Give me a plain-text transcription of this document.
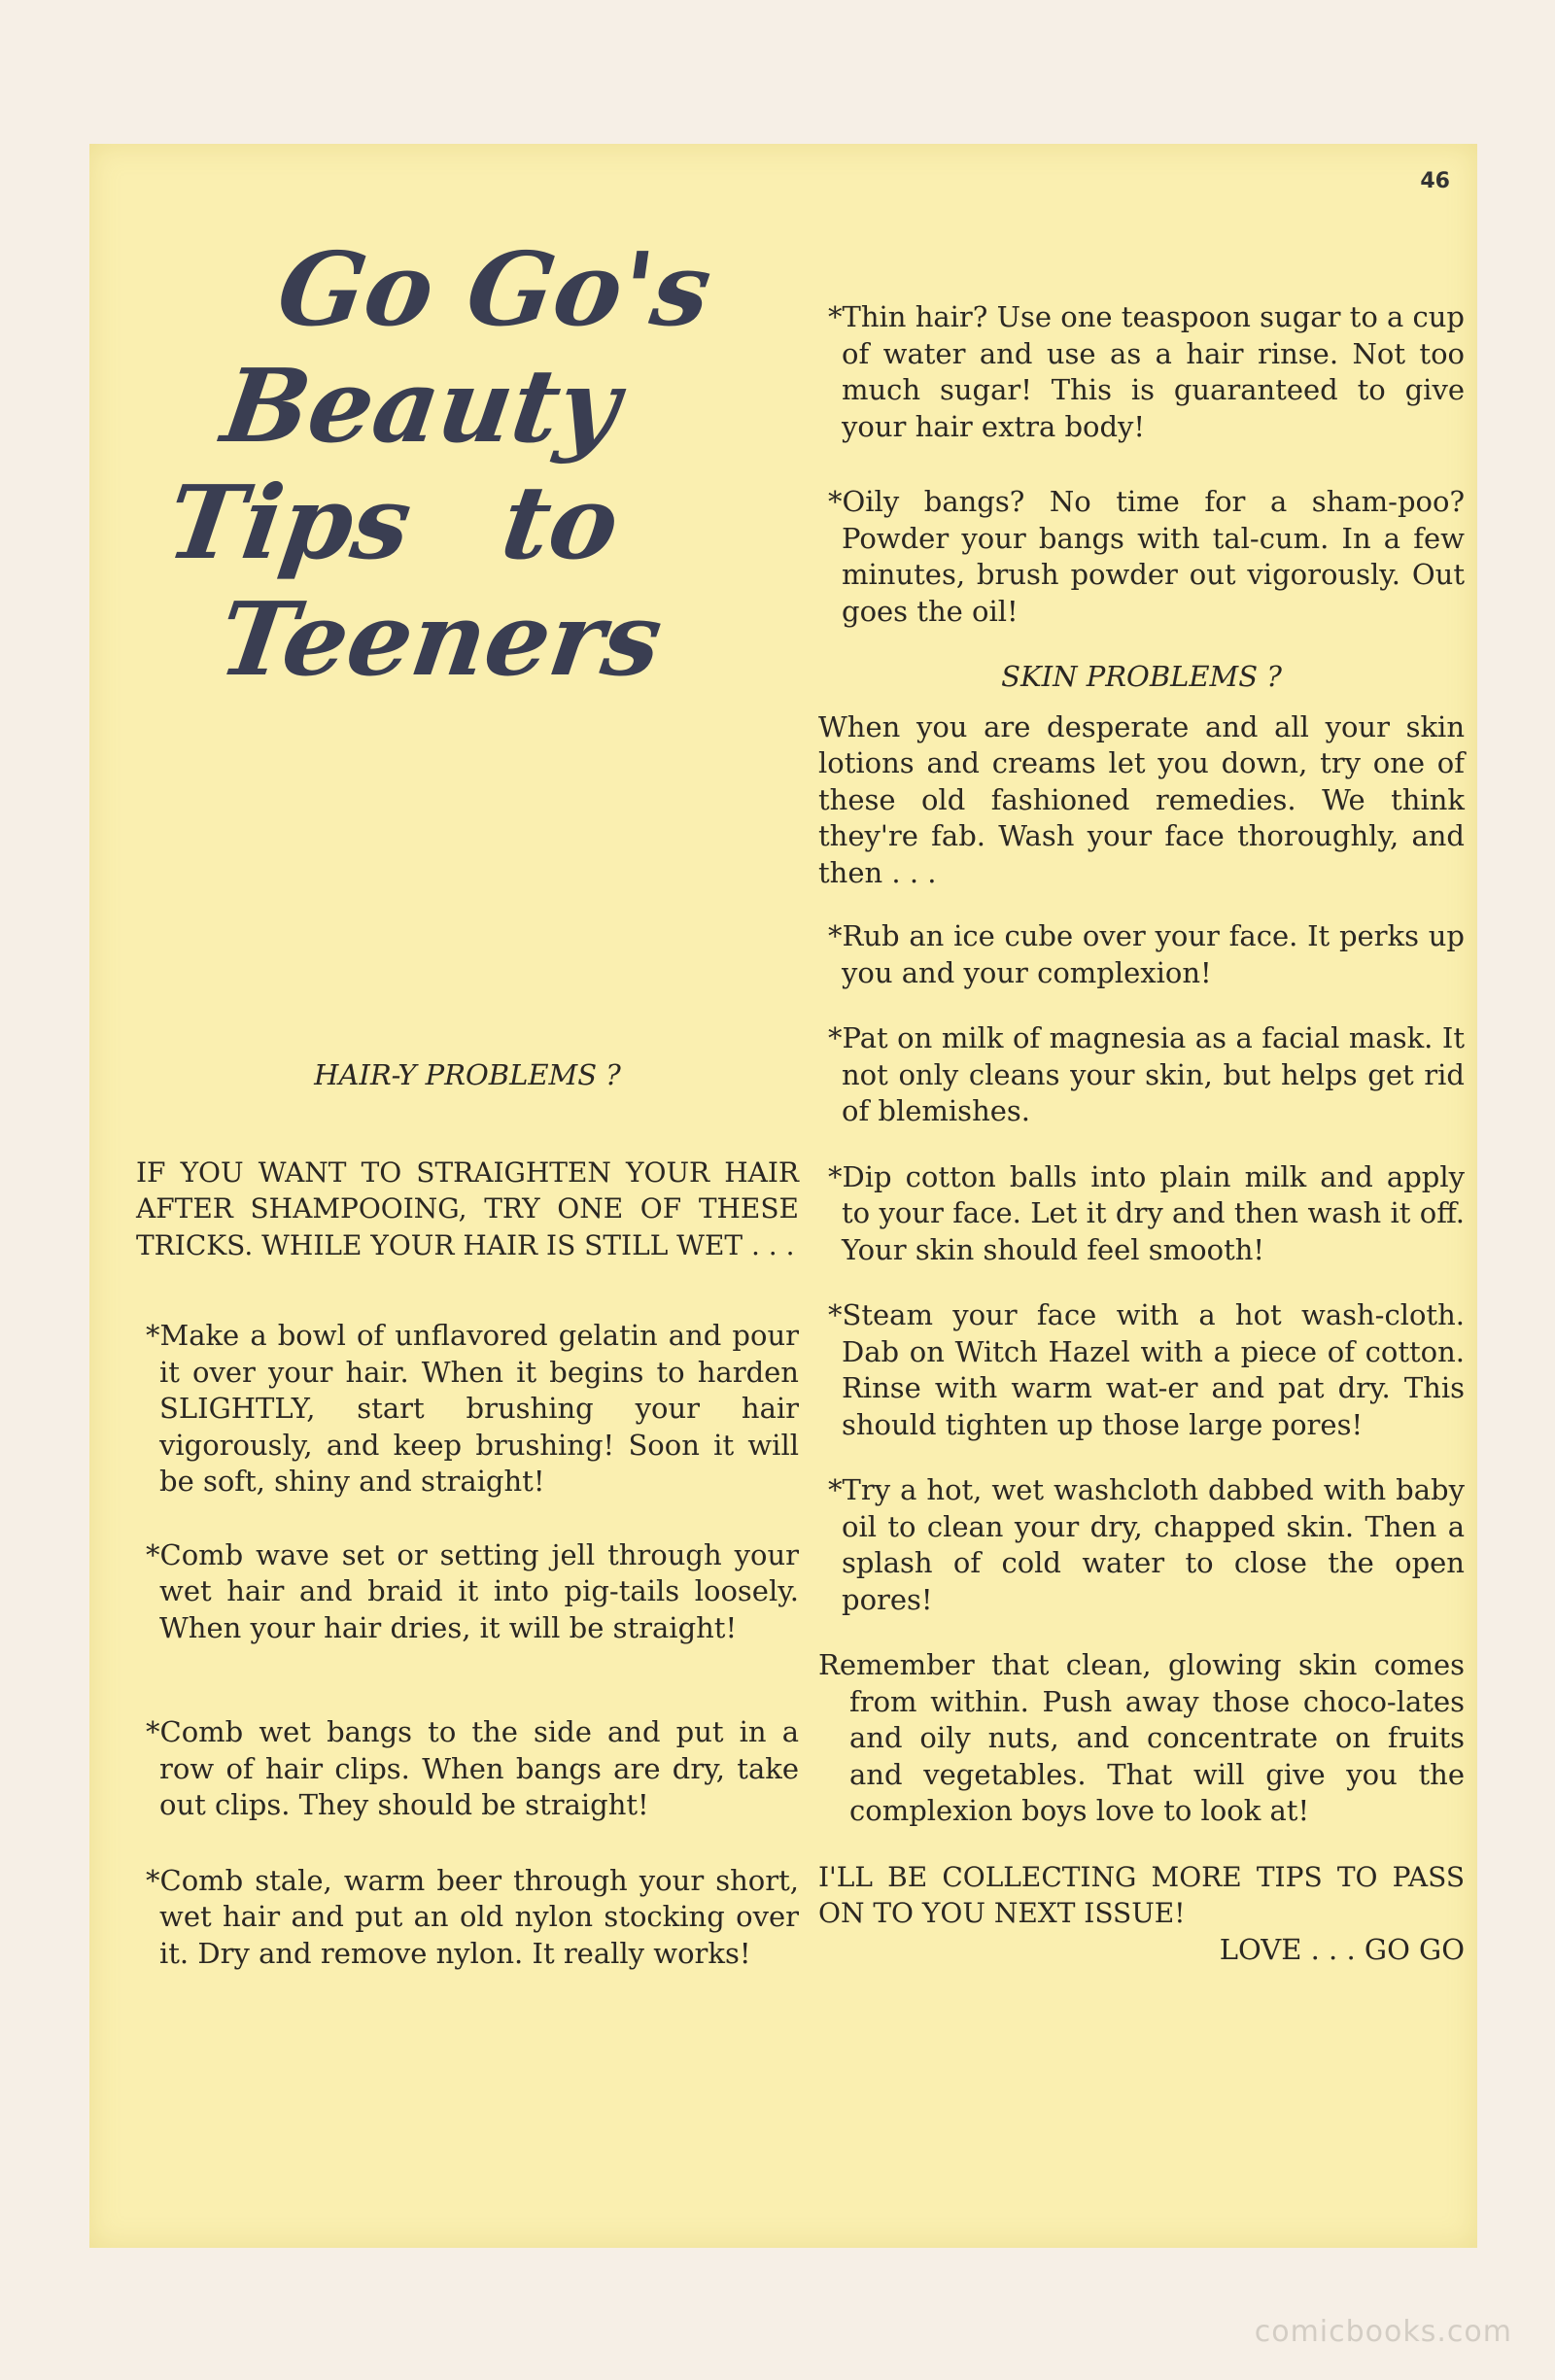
46
Go Go's
Beauty
Tips to
Teeners

HAIR-Y PROBLEMS ?

IF YOU WANT TO STRAIGHTEN YOUR HAIR AFTER SHAMPOOING, TRY ONE OF THESE TRICKS. WHILE YOUR HAIR IS STILL WET . . .

*Make a bowl of unflavored gelatin and pour it over your hair. When it begins to harden SLIGHTLY, start brushing your hair vigorously, and keep brushing! Soon it will be soft, shiny and straight!

*Comb wave set or setting jell through your wet hair and braid it into pig-tails loosely. When your hair dries, it will be straight!

*Comb wet bangs to the side and put in a row of hair clips. When bangs are dry, take out clips. They should be straight!

*Comb stale, warm beer through your short, wet hair and put an old nylon stocking over it. Dry and remove nylon. It really works!

*Thin hair? Use one teaspoon sugar to a cup of water and use as a hair rinse. Not too much sugar! This is guaranteed to give your hair extra body!

*Oily bangs? No time for a sham-poo? Powder your bangs with tal-cum. In a few minutes, brush powder out vigorously. Out goes the oil!

SKIN PROBLEMS ?

When you are desperate and all your skin lotions and creams let you down, try one of these old fashioned remedies. We think they're fab. Wash your face thoroughly, and then . . .

*Rub an ice cube over your face. It perks up you and your complexion!

*Pat on milk of magnesia as a facial mask. It not only cleans your skin, but helps get rid of blemishes.

*Dip cotton balls into plain milk and apply to your face. Let it dry and then wash it off. Your skin should feel smooth!

*Steam your face with a hot wash-cloth. Dab on Witch Hazel with a piece of cotton. Rinse with warm wat-er and pat dry. This should tighten up those large pores!

*Try a hot, wet washcloth dabbed with baby oil to clean your dry, chapped skin. Then a splash of cold water to close the open pores!

Remember that clean, glowing skin comes from within. Push away those choco-lates and oily nuts, and concentrate on fruits and vegetables. That will give you the complexion boys love to look at!

I'LL BE COLLECTING MORE TIPS TO PASS ON TO YOU NEXT ISSUE!

LOVE . . . GO GO

comicbooks.com
